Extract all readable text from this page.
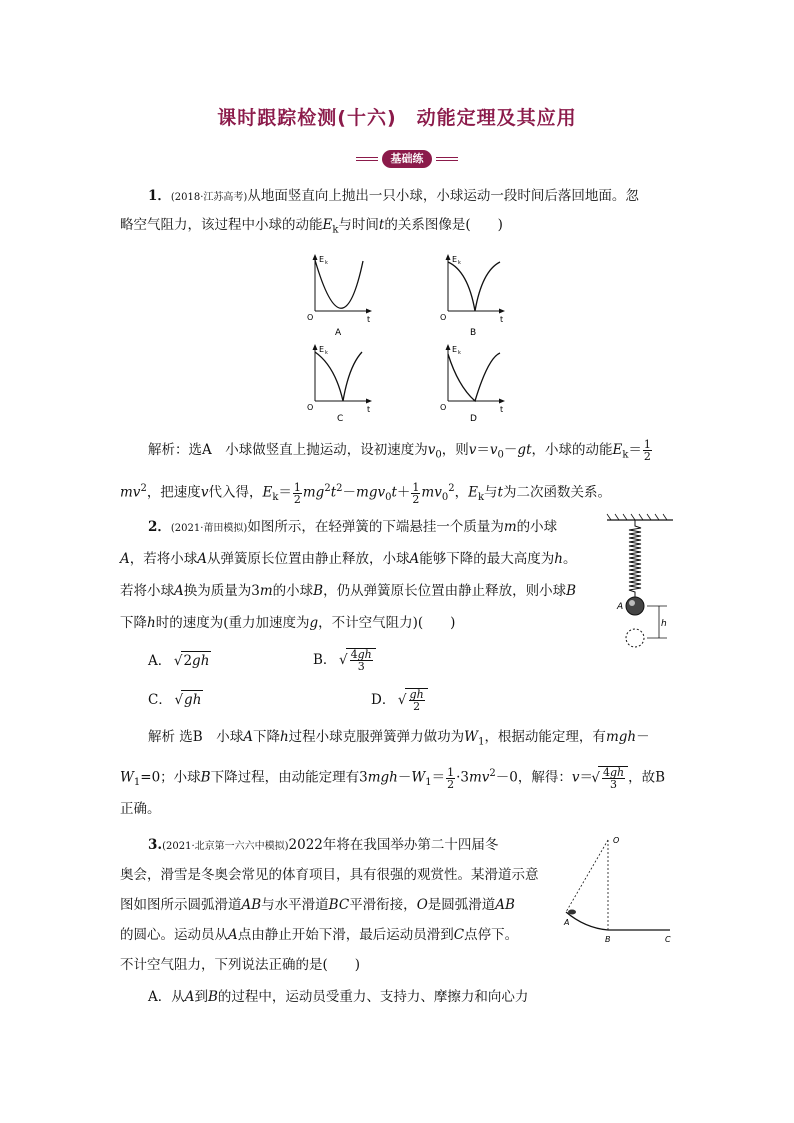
课时跟踪检测(十六) 动能定理及其应用
基础练
1．(2018·江苏高考)从地面竖直向上抛出一只小球，小球运动一段时间后落回地面。忽
略空气阻力，该过程中小球的动能$E_k$与时间t的关系图像是(　　)
E k
O	t
A
E k
O	t
B
E k
O	t
C
E k
O	t
D
解析：选A　小球做竖直上抛运动，设初速度为$v_0$，则$v=v_0-gt$，小球的动能$E_k= \frac{1}{2}$
$mv^2$，把速度v代入得，$E_k= \frac{1}{2} mg^2t^2-mgv_0t+ \frac{1}{2} mv_0^2$，$E_k$与t为二次函数关系。
2．(2021·莆田模拟)如图所示，在轻弹簧的下端悬挂一个质量为m的小球
A，若将小球A从弹簧原长位置由静止释放，小球A能够下降的最大高度为h。
若将小球A换为质量为3m的小球B，仍从弹簧原长位置由静止释放，则小球B
下降h时的速度为(重力加速度为g，不计空气阻力)(　　)
A． √ 2gh	B． √ $\frac{4gh}{3}$
C． √ gh	D． √ $\frac{gh}{2}$
A
h
解析 选B　小球A下降h过程小球克服弹簧弹力做功为$W_1$，根据动能定理，有mgh－
$W_1=0$；小球B下降过程，由动能定理有$3mgh-W_1= \frac{1}{2} \cdot 3mv^2-0$，解得：v＝ √ $\frac{4gh}{3}$ ，故B
正确。
3.(2021·北京第一六六中模拟)2022年将在我国举办第二十四届冬
奥会，滑雪是冬奥会常见的体育项目，具有很强的观赏性。某滑道示意
图如图所示圆弧滑道AB与水平滑道BC平滑衔接，O是圆弧滑道AB
的圆心。运动员从A点由静止开始下滑，最后运动员滑到C点停下。
不计空气阻力，下列说法正确的是(　　)
A．从A到B的过程中，运动员受重力、支持力、摩擦力和向心力
O
A
B	C
